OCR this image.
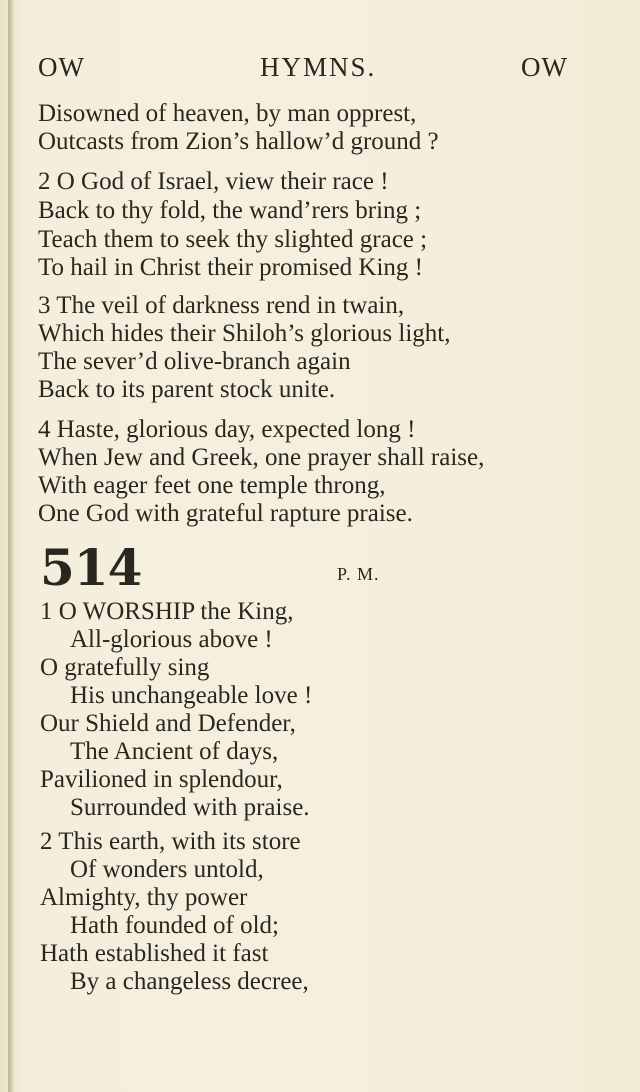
OW	HYMNS.	OW
Disowned of heaven, by man opprest,
Outcasts from Zion’s hallow’d ground ?
2 O God of Israel, view their race !
Back to thy fold, the wand’rers bring ;
Teach them to seek thy slighted grace ;
To hail in Christ their promised King !
3 The veil of darkness rend in twain,
Which hides their Shiloh’s glorious light,
The sever’d olive-branch again
Back to its parent stock unite.
4 Haste, glorious day, expected long !
When Jew and Greek, one prayer shall raise,
With eager feet one temple throng,
One God with grateful rapture praise.
514	P. M.
1 O WORSHIP the King,
All-glorious above !
O gratefully sing
His unchangeable love !
Our Shield and Defender,
The Ancient of days,
Pavilioned in splendour,
Surrounded with praise.
2 This earth, with its store
Of wonders untold,
Almighty, thy power
Hath founded of old;
Hath established it fast
By a changeless decree,
